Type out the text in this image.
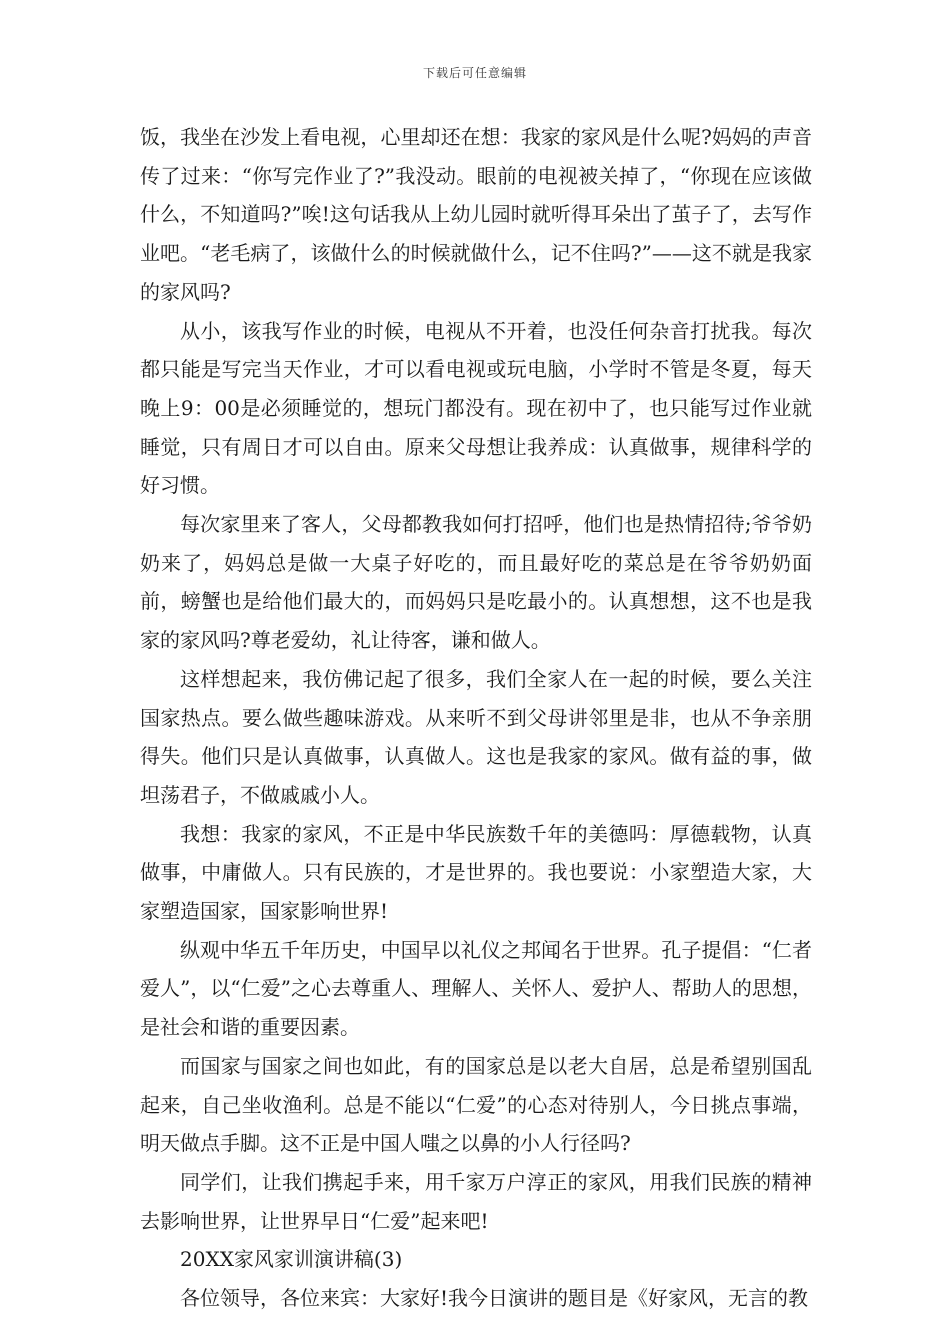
下载后可任意编辑

饭，我坐在沙发上看电视，心里却还在想：我家的家风是什么呢?妈妈的声音传了过来：“你写完作业了?”我没动。眼前的电视被关掉了，“你现在应该做什么，不知道吗?”唉!这句话我从上幼儿园时就听得耳朵出了茧子了，去写作业吧。“老毛病了，该做什么的时候就做什么，记不住吗?”——这不就是我家的家风吗?

从小，该我写作业的时候，电视从不开着，也没任何杂音打扰我。每次都只能是写完当天作业，才可以看电视或玩电脑，小学时不管是冬夏，每天晚上9：00是必须睡觉的，想玩门都没有。现在初中了，也只能写过作业就睡觉，只有周日才可以自由。原来父母想让我养成：认真做事，规律科学的好习惯。

每次家里来了客人，父母都教我如何打招呼，他们也是热情招待;爷爷奶奶来了，妈妈总是做一大桌子好吃的，而且最好吃的菜总是在爷爷奶奶面前，螃蟹也是给他们最大的，而妈妈只是吃最小的。认真想想，这不也是我家的家风吗?尊老爱幼，礼让待客，谦和做人。

这样想起来，我仿佛记起了很多，我们全家人在一起的时候，要么关注国家热点。要么做些趣味游戏。从来听不到父母讲邻里是非，也从不争亲朋得失。他们只是认真做事，认真做人。这也是我家的家风。做有益的事，做坦荡君子，不做戚戚小人。

我想：我家的家风，不正是中华民族数千年的美德吗：厚德载物，认真做事，中庸做人。只有民族的，才是世界的。我也要说：小家塑造大家，大家塑造国家，国家影响世界!

纵观中华五千年历史，中国早以礼仪之邦闻名于世界。孔子提倡：“仁者爱人”，以“仁爱”之心去尊重人、理解人、关怀人、爱护人、帮助人的思想，是社会和谐的重要因素。

而国家与国家之间也如此，有的国家总是以老大自居，总是希望别国乱起来，自己坐收渔利。总是不能以“仁爱”的心态对待别人，今日挑点事端，明天做点手脚。这不正是中国人嗤之以鼻的小人行径吗?

同学们，让我们携起手来，用千家万户淳正的家风，用我们民族的精神去影响世界，让世界早日“仁爱”起来吧!

20XX家风家训演讲稿(3)

各位领导，各位来宾：大家好!我今日演讲的题目是《好家风，无言的教
